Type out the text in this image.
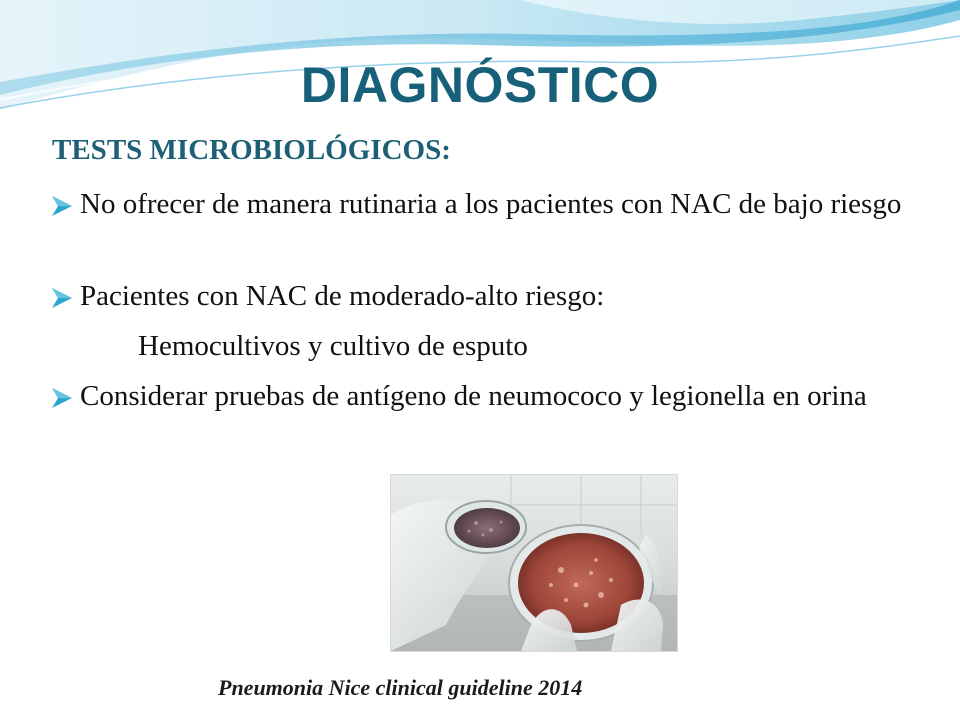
DIAGNÓSTICO
TESTS MICROBIOLÓGICOS:
No ofrecer de manera rutinaria a los pacientes con NAC de bajo riesgo
Pacientes con NAC de moderado-alto riesgo:
Hemocultivos y cultivo de esputo
Considerar pruebas de antígeno de neumococo y legionella en orina
Pneumonia Nice clinical guideline 2014
